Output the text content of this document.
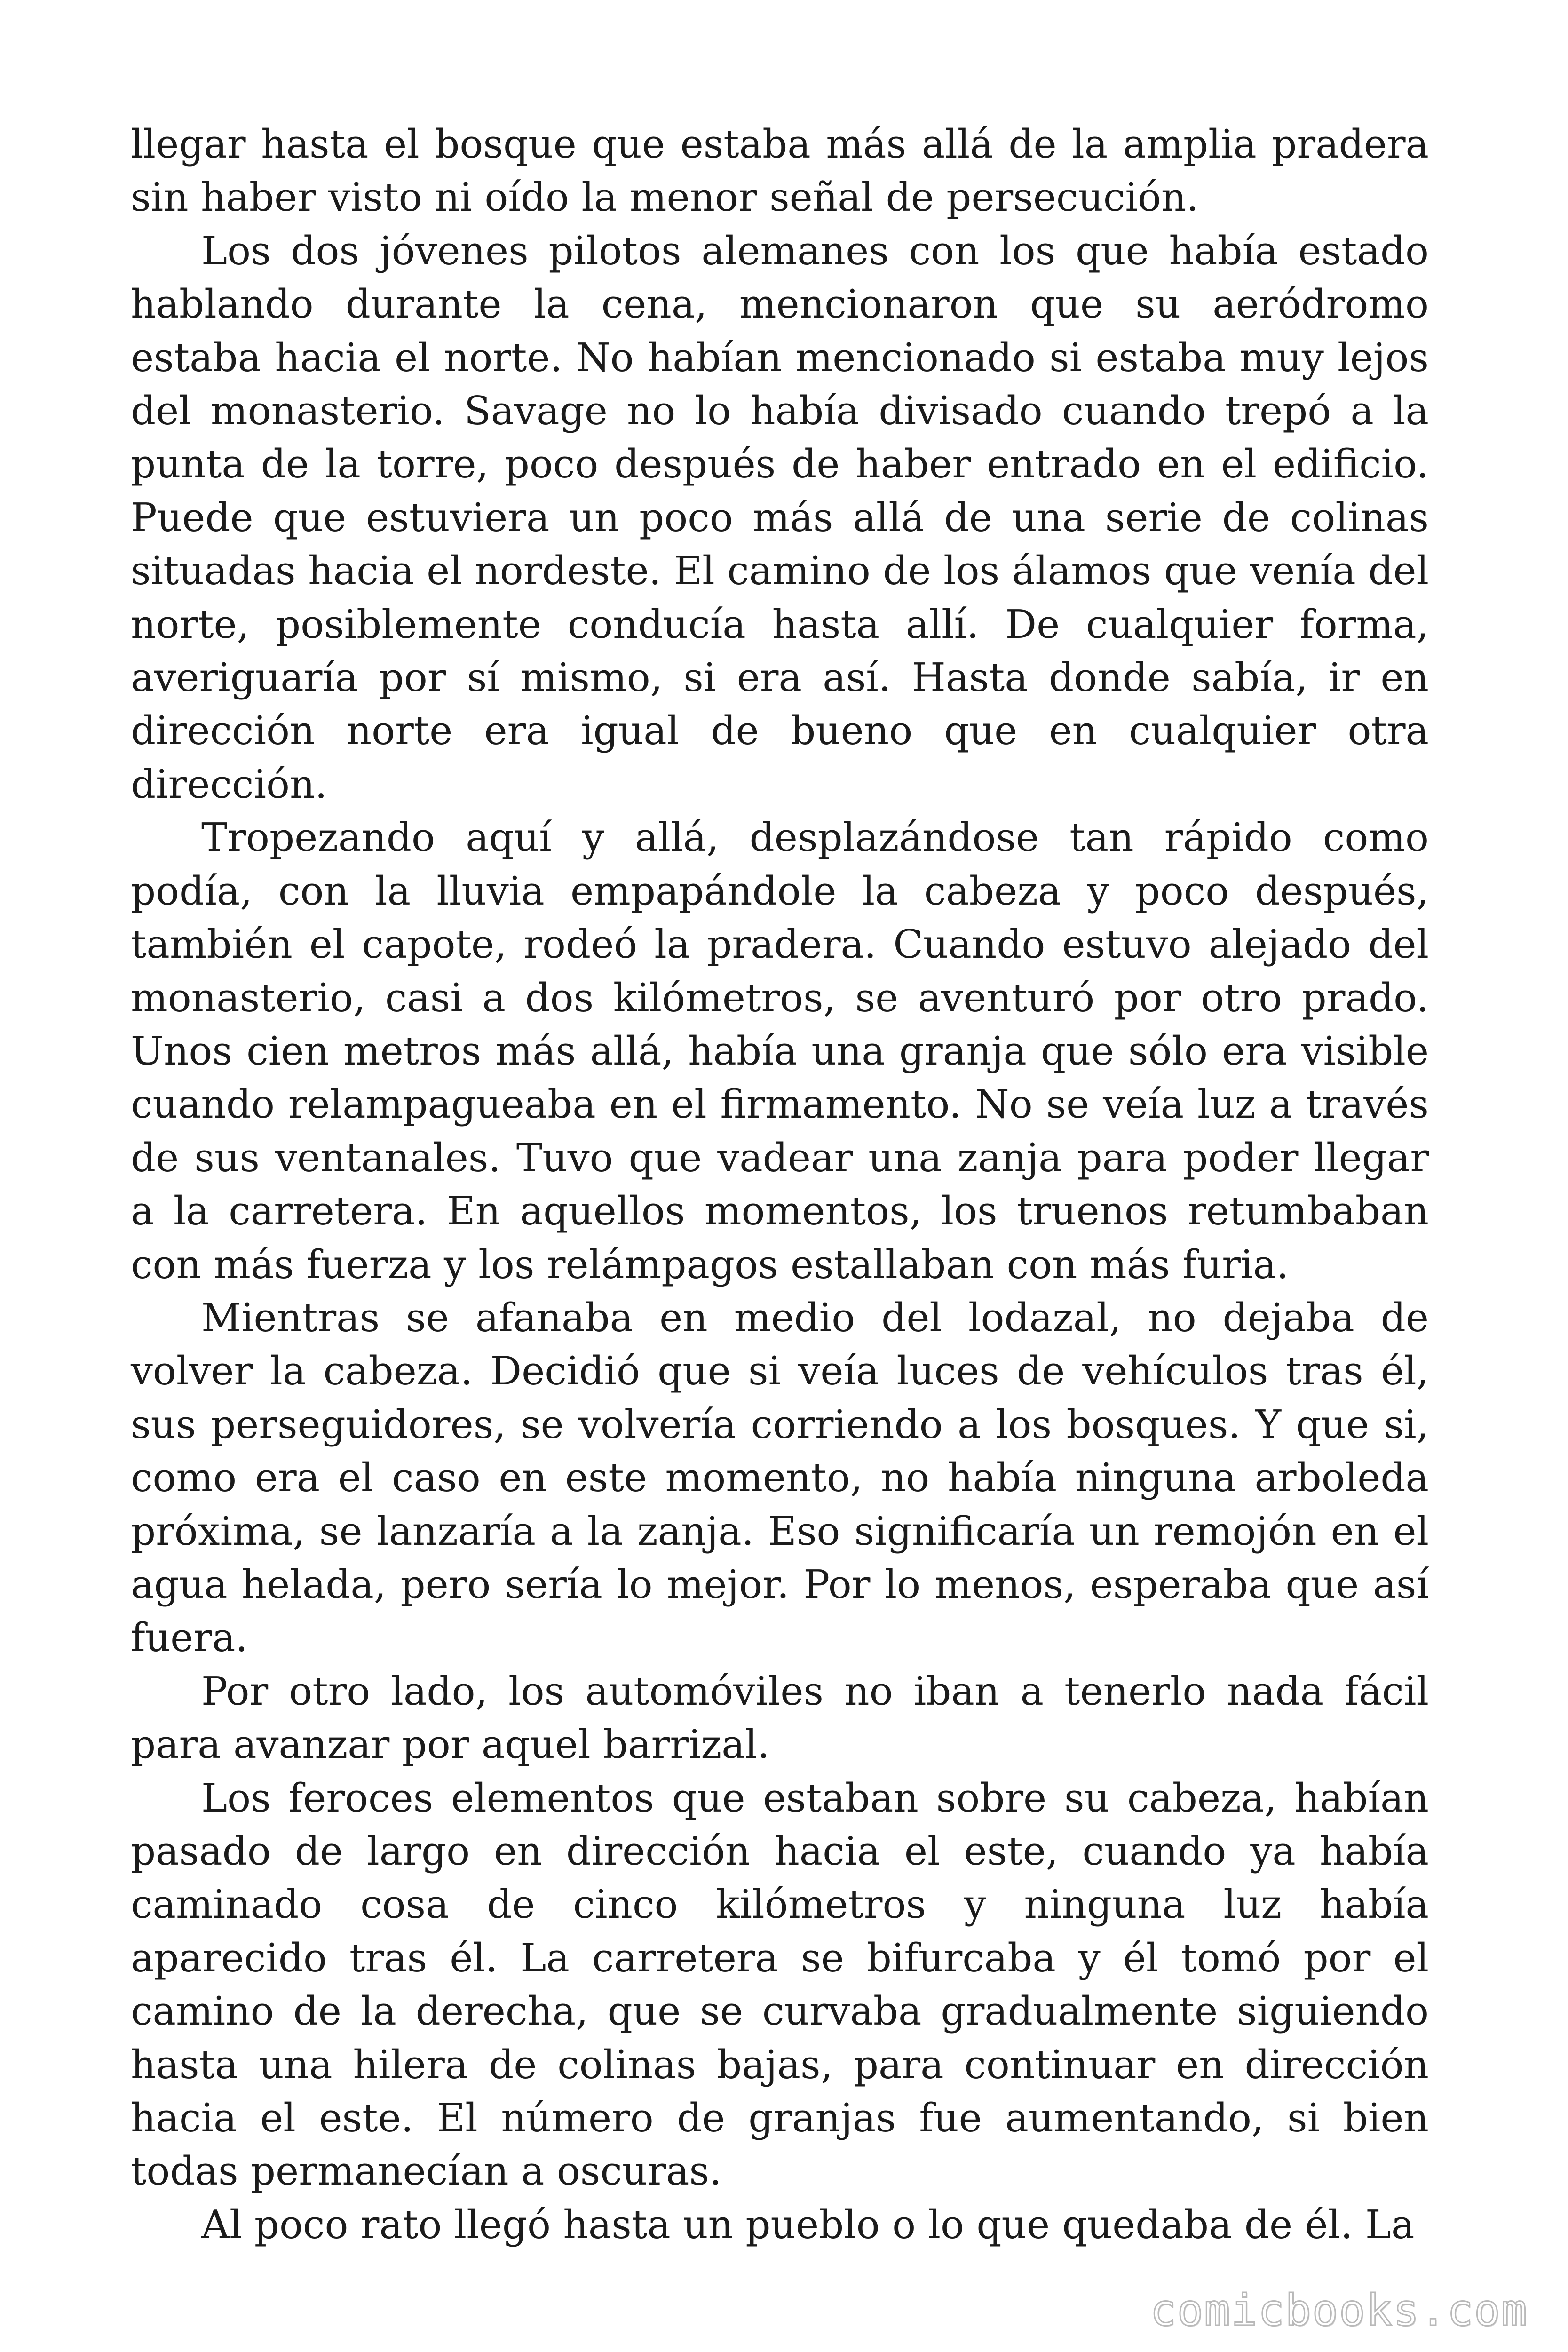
llegar hasta el bosque que estaba más allá de la amplia pradera sin haber visto ni oído la menor señal de persecución.

Los dos jóvenes pilotos alemanes con los que había estado hablando durante la cena, mencionaron que su aeródromo estaba hacia el norte. No habían mencionado si estaba muy lejos del monasterio. Savage no lo había divisado cuando trepó a la punta de la torre, poco después de haber entrado en el edificio. Puede que estuviera un poco más allá de una serie de colinas situadas hacia el nordeste. El camino de los álamos que venía del norte, posiblemente conducía hasta allí. De cualquier forma, averiguaría por sí mismo, si era así. Hasta donde sabía, ir en dirección norte era igual de bueno que en cualquier otra dirección.

Tropezando aquí y allá, desplazándose tan rápido como podía, con la lluvia empapándole la cabeza y poco después, también el capote, rodeó la pradera. Cuando estuvo alejado del monasterio, casi a dos kilómetros, se aventuró por otro prado. Unos cien metros más allá, había una granja que sólo era visible cuando relampagueaba en el firmamento. No se veía luz a través de sus ventanales. Tuvo que vadear una zanja para poder llegar a la carretera. En aquellos momentos, los truenos retumbaban con más fuerza y los relámpagos estallaban con más furia.

Mientras se afanaba en medio del lodazal, no dejaba de volver la cabeza. Decidió que si veía luces de vehículos tras él, sus perseguidores, se volvería corriendo a los bosques. Y que si, como era el caso en este momento, no había ninguna arboleda próxima, se lanzaría a la zanja. Eso significaría un remojón en el agua helada, pero sería lo mejor. Por lo menos, esperaba que así fuera.

Por otro lado, los automóviles no iban a tenerlo nada fácil para avanzar por aquel barrizal.

Los feroces elementos que estaban sobre su cabeza, habían pasado de largo en dirección hacia el este, cuando ya había caminado cosa de cinco kilómetros y ninguna luz había aparecido tras él. La carretera se bifurcaba y él tomó por el camino de la derecha, que se curvaba gradualmente siguiendo hasta una hilera de colinas bajas, para continuar en dirección hacia el este. El número de granjas fue aumentando, si bien todas permanecían a oscuras.

Al poco rato llegó hasta un pueblo o lo que quedaba de él. La

comicbooks.com
